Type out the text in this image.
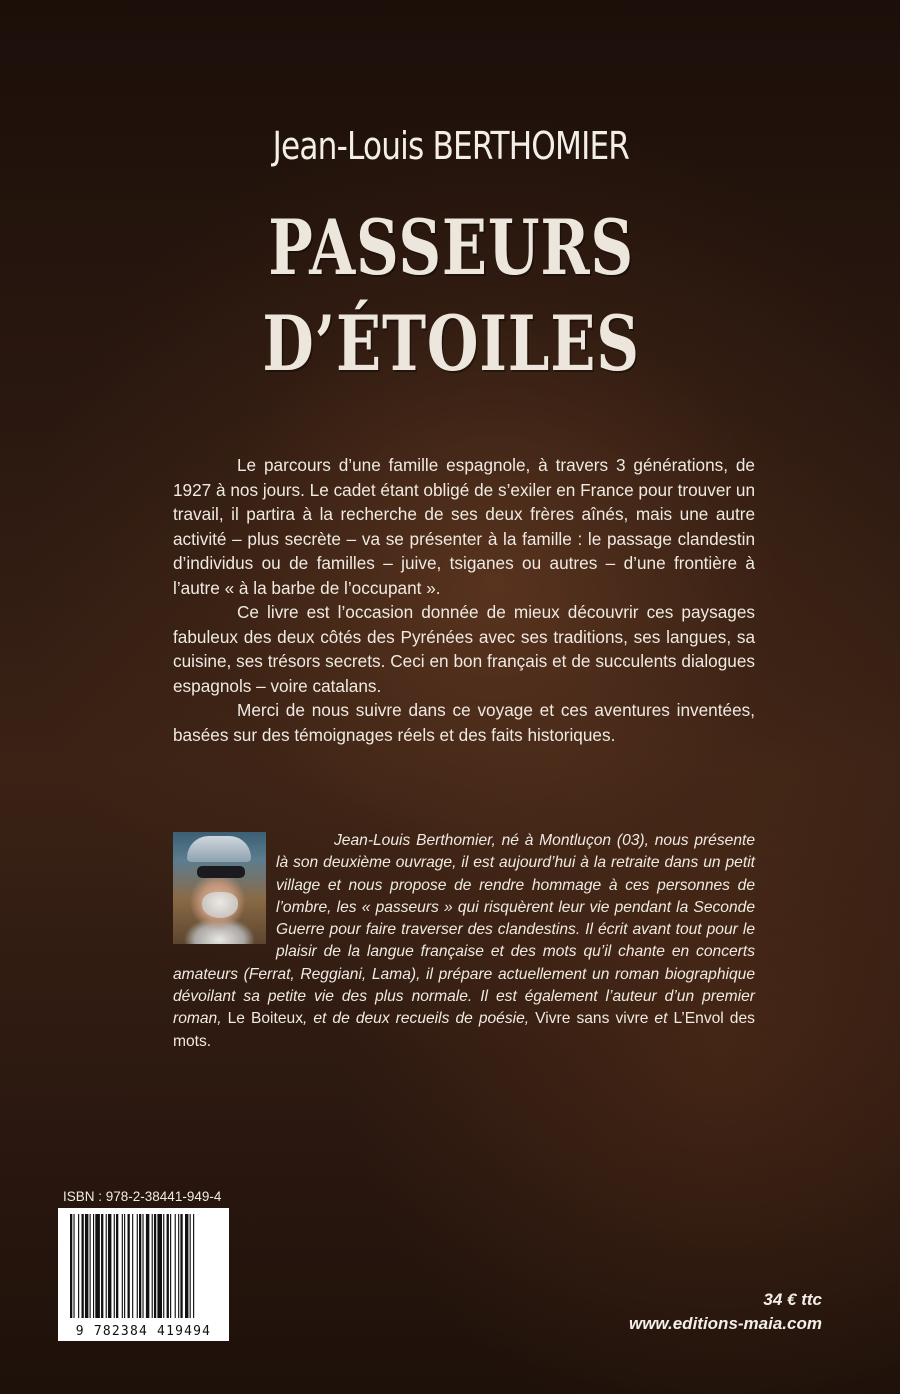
Jean-Louis BERTHOMIER
PASSEURS
D’ÉTOILES

Le parcours d’une famille espagnole, à travers 3 générations, de 1927 à nos jours. Le cadet étant obligé de s’exiler en France pour trouver un travail, il partira à la recherche de ses deux frères aînés, mais une autre activité – plus secrète – va se présenter à la famille : le passage clandestin d’individus ou de familles – juive, tsiganes ou autres – d’une frontière à l’autre « à la barbe de l’occupant ».

Ce livre est l’occasion donnée de mieux découvrir ces paysages fabuleux des deux côtés des Pyrénées avec ses traditions, ses langues, sa cuisine, ses trésors secrets. Ceci en bon français et de succulents dialogues espagnols – voire catalans.

Merci de nous suivre dans ce voyage et ces aventures inventées, basées sur des témoignages réels et des faits historiques.

Jean-Louis Berthomier, né à Montluçon (03), nous présente là son deuxième ouvrage, il est aujourd’hui à la retraite dans un petit village et nous propose de rendre hommage à ces personnes de l’ombre, les « passeurs » qui risquèrent leur vie pendant la Seconde Guerre pour faire traverser des clandestins. Il écrit avant tout pour le plaisir de la langue française et des mots qu’il chante en concerts amateurs (Ferrat, Reggiani, Lama), il prépare actuellement un roman biographique dévoilant sa petite vie des plus normale. Il est également l’auteur d’un premier roman, Le Boiteux, et de deux recueils de poésie, Vivre sans vivre et L’Envol des mots.
ISBN : 978-2-38441-949-4
9 782384 419494
34 € ttc
www.editions-maia.com
